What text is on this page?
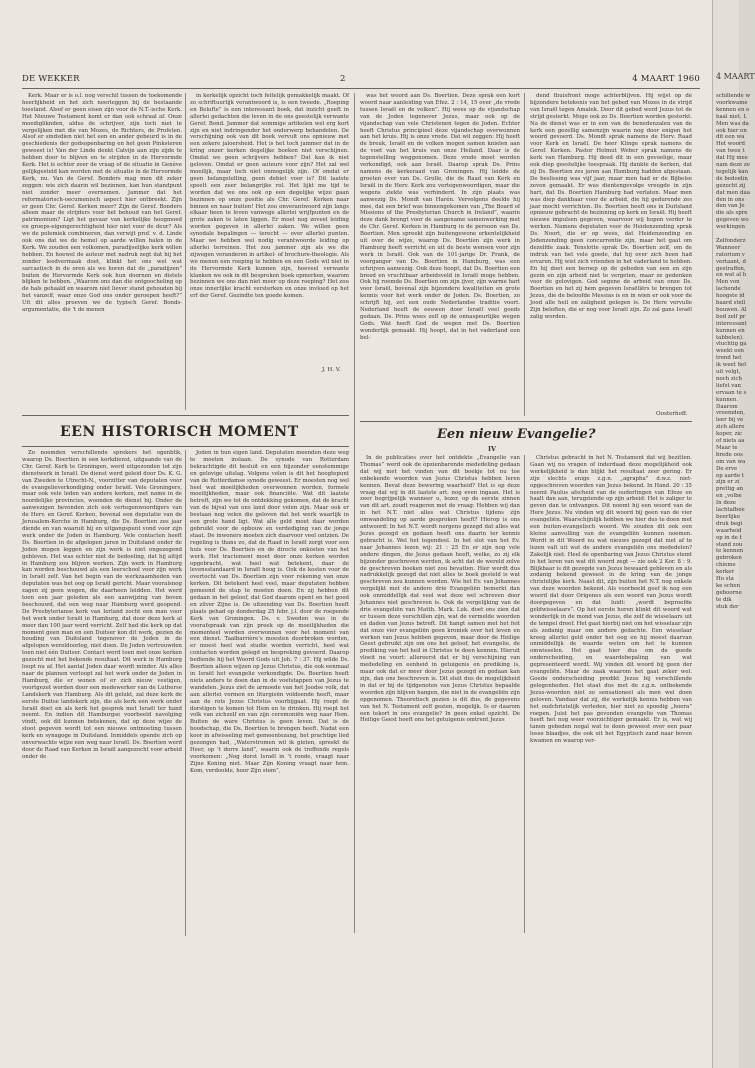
DE WEKKER	2	4 MAART 1960

Kerk. Maar er is o.l. nog verschil tussen de toekomende heerlijkheid en het zich neerleggen bij de bestaande toestand. Alsof er geen eisen zijn voor de N.T.-ische Kerk. Het Nieuwe Testament komt er dan ook schraal af. Onze moedigliknden, aldus de schrijver, zijn toch niet te vergelijken met die van Mozes, de Richters, de Profeten. Alsof er sindsdien niet het een en ander gebeurd is in de geschiedenis der godsopenbaring en het geen Pinksteren geweest is! Van der Linde denkt Calvijn aan zijn zijde te hebben door te blijven en te strijden in de Hervormde Kerk. Het is echter zeer de vraag of de situatie in Genève gelijkgesteld kan worden met de situatie in de Hervormde Kerk, nu. Van de Geref. Bonders mag men dit zeker zeggen: wie zich daarin wil bezinnen, kan hun standpunt niet zonder meer overnemen. Jammer dat het reformatorisch-oecumenisch aspect hier ontbreekt. Zijn er geen Chr. Geref. Kerken meer? Zijn de Geref. Bonders alleen maar de strijders voor het behoud van het Geref. patrimonium? Ligt het gevaar van kerkelijke hoogmoed en groeps-eigengerechtigheid hier niet voor de deur? Als we de polemiek combineren, dan verwijt prof. v. d. Linde ook ons dat we de hemel op aarde willen halen in de Kerk. We zouden een volkomen, paradijselijke kerk willen hebben. En hoewel de auteur met nadruk zegt dat hij het zonder leedvermaak doet, klinkt het ons wel wat sarcastisch in de oren als we horen dat de „paradijzen” buiten de Hervormde Kerk ook hun doornen en distels blijken te hebben. „Waarom ons dan die ontgoocheling op de hals gehaald en waarom niet liever stand gehouden bij het vanzelf, waar onze God ons onder geroepen heeft?” Uit dit alles proeven we de typisch Geref. Bonds-argumentatie, die 't de menen

in kerkelijk opzicht toch feitelijk gemakkelijk maakt. Of zo schriftuurlijk verantwoord is, is een tweede. „Roeping en Belofte” is een interessant boek, dat inzicht geeft in allerlei gedachten die leven in de ons geestelijk verwante Geref. Bond. Jammer dat sommige artikelen wel erg kort zijn en niet indringender het onderwerp behandelen. De verschijning ook van dit boek vervult ons opnieuw met een zekere jaloersheid. Het is het toch jammer dat in de kring onzer kerken degelijke boeken niet verschijnen. Omdat we geen schrijvers hebben? Dat kan ik niet geloven. Omdat er geen auteurs voor zijn? Het zal wel moeilijk, maar toch niet onmogelijk zijn. Of omdat er geen belangstelling, geen debiet voor is? Dit laatste speelt een zeer belangrijke rol. Het lijkt me tijd te worden dat we ons ook op een degelijke wijze gaan bezinnen op onze positie als Chr. Geref. Kerken naar binnen en naar buiten! Het zou onverantwoord zijn langs elkaar heen te leven vanwege allerlei wrijfpunten en de grote zaken te laten liggen. Er moet nog zoveel leiding worden gegeven in allerlei zaken. We willen geen synodale bepalingen — terecht — over allerlei punten. Maar we hebben wel nodig verantwoorde leiding op allerlei terreinen. Het zou jammer zijn als we die zijwegen veranderen in artikel- of brochure-theologie. Als we menen een roeping te hebben en een Gods wil niet in de Hervormde Kerk kunnen zijn, hoeveel verwante klanken we ook in dit bespreken boek opmerken, waarom bezinnen we ons dan niet meer op deze roeping? Het zou onze innerlijke kracht versterken en onze invloed op het erf der Geref. Gezindte ten goede komen.

J. H. V.

was het woord aan Ds. Boertien. Deze sprak een kort woord naar aanleiding van Efez. 2 : 14, 15 over „de vrede tussen Israël en de volken”. Hij wees op de vijandschap van de Joden tegenover Jezus, maar ook op de vijandschap van vele Christenen tegen de Joden. Echter heeft Christus principieel deze vijandschap overwonnen aan het kruis. Hij is onze vrede. Dat wil zeggen: Hij heeft de breuk, Israël en de volken mogen samen knielen aan de voet van het kruis van onze Heiland. Daar is de tegenstelling weggenomen. Deze vrede moet worden verkondigd, ook aan Israël. Daarop sprak Ds. Prins namens de kerkeraad van Groningen. Hij leidde de groeten over van Ds. Grolle, die de Raad van Kerk en Israël in de Herv. Kerk zou vertegenwoordigen, maar die wegens ziekte was verhinderd. In zijn plaats was aanwezig Ds. Mondt van Harén. Vervolgens deelde hij mee, dat een brief was binnengekomen van „The Board of Missions of the Presbyterian Church in Ireland”, waarin deze dank brengt voor de aangename samenwerking met de Chr. Geref. Kerken in Hamburg in de persoon van Ds. Boertien. Men spreekt zijn buitengewone erkentelijkheid uit over de wijze, waarop Ds. Boertien zijn werk in Hamburg heeft verricht en uit de beste wensen voor zijn werk in Israël. Ook van de 101-jarige Dr. Frank, de voorganger van Ds. Boertien in Hamburg, was een schrijven aanwezig. Ook deze hoopt, dat Ds. Boertien een breed en vruchtbaar arbeidsveld in Israël moge hebben. Ook hij roemde Ds. Boertien om zijn ijver, zijn warme hart voor Israël, bovenal zijn bijzondere kwaliteiten en grote kennis voor het werk onder de Joden. Ds. Boertien, zo schrijft hij, zet een oude Nederlandse traditie voort. Nederland heeft de eeuwen door Israël veel goeds gedaan. Ds. Prins wees zelf op de onnaspeurlijke wegen Gods. Wat heeft God de wegen met Ds. Boertien wonderlijk gemaakt. Hij hoopt, dat in het vaderland een bel-

dend thuisfront moge achterblijven. Hij wijst op de bijzondere betekenis van het gebed van Mozes in de strijd van Israël tegen Amalek. Door dit gebed werd Jezus tot de strijd gesterkt. Moge ook zo Ds. Boertien worden gesterkt. Na de dienst was er in een van de benedenzalen van de kerk een gezellig samenzijn waarin nog door enigen het woord gevoerd. Ds. Mondt sprak namens de Herv. Raad voor Kerk en Israël. De heer Klinge sprak namens de Geref. Kerken. Pastor Helmut Weber sprak namens de kerk van Hamburg. Hij deed dit in een gevoelige, maar ook diep geestelijke toespraak. Hij dankte de kerken, dat zij Ds. Boertien zes jaren aan Hamburg hadden afgestaan. De beslissing was vijf jaar, maar men had er de Bijbelse zeven gemaakt. Er was dientengevolge vreugde in zijn hart, dat Ds. Boertien Hamburg had verlaten. Maar men was diep dankbaar voor de arbeid, die hij gedurende zes jaar mocht verrichten. Ds. Boertien heeft ons in Duitsland opnieuw gebracht de bezinning op kerk en Israël. Hij heeft nieuwe impulsen gegeven, waarvoor wij hopen verder te werken. Namens deputaten voor de Heidenzending sprak Ds. Noort, die er op wees, dat Heidenzending en Jodenzending geen concurrentie zijn, maar het gaat om dezelfde zaak. Tenslotte sprak Ds. Boertien zelf, om de indruk van het vele goede, dat hij over zich heen had ervaren. Hij wist zich vrienden in het vaderland te hebben. En hij doet een beroep op de gebeden van een en zijn gezin en zijn arbeid niet te vergeten, maar ze gedenken voor de gelovigen. God segene de arbeid van onze Ds. Boertien en het zij hem gegeven Israëliërs te brengen tot Jezus, die de beloofde Messias is en in wien er ook voor de Jood alle heil en zaligheid gelegen is. De Here vervulle Zijn beloften, die er nog voor Israël zijn. Zo zal gans Israël zalig worden.

Oosterhoff.
EEN HISTORISCH MOMENT

Zo noemden verschillende sprekers het ogenblik, waarop Ds. Boertien in een kerkdienst, uitgaande van de Chr. Geref. Kerk te Groningen, werd uitgezonden tot zijn dienstwerk in Israël. De dienst werd geleid door Ds. K. G. van Zweden te Utrecht-N., voorzitter van deputaten voor de evangelieverkondiging onder Israël. Vele Groningers, maar ook vele leden van andere kerken, met name in de noordelijke provincies, woonden de dienst bij. Onder de aanwezigen bevonden zich ook vertegenwoordigers van de Herv. en Geref. Kerken, bovenal een deputatie van de Jerusalem-Kerche in Hamburg, die Ds. Boertien zes jaar diende en van waaruit hij en uitgangspunt vond voor zijn werk onder de Joden in Hamburg. Vele contacten heeft Ds. Boertien in de afgelopen jaren in Duitsland onder de Joden mogen leggen en zijn werk is niet ongezegend gebleven. Het was echter niet de bedoeling, dat hij altijd in Hamburg zou blijven werken. Zijn werk in Hamburg kan worden beschouwd als een leerschool voor zijn werk in Israël zelf. Van het begin van de werkzaamheden van deputaten was het oog op Israël gericht. Maar vooralsnog zagen zij geen wegen, die daarheen leidden. Het werd toen een jaar geleden als een aanwijzing van boven beschouwd, dat een weg naar Hamburg werd geopend. De Presbyterianse kerk van Ierland zocht een man voor het werk onder Israël in Hamburg, dat door deze kerk al meer dan 100 jaar werd verricht. Zelf had die kerk op dat moment geen man en een Duitser kon dit werk, gezien de houding van Duitsland tegenover de Joden in de afgelopen wereldoorlog, niet doen. De Joden vertrouwden toen niet één Duitser. Contact werd toen met onze kerken gezocht met het bekende resultaat. Dit werk in Hamburg loopt nu af. Het aantal Joden daar wordt minder. Als alles naar de plannen verloopt zal het werk onder de Joden in Hamburg, die er wonen of er zich nieuw vestigen, voortgezet worden door een medewerker van de Lutherse Landskerk van Hamburg. Als dit gelukt, zal deze kerk de eerste Duitse landskerk zijn, die als kerk een werk onder Israël doet en als kerk het gesprek met Israël ter hand neemt. En indien dit Hamburgse voorbeeld navolging vindt, ook dit kunnen betekenen, dat op deze wijze de stoot gegeven wordt tot een nieuwe ontmoeting tussen kerk en synagoge in Duitsland. Inmiddels opende zich op onverwachte wijze een weg naar Israël. Ds. Boertien werd door de Raad van Kerken in Israël aangezocht voor arbeid onder de

Joden in hun eigen land. Deputaten meenden deze weg te moeten inslaan. De synode van Rotterdam bekrachtigde dit besluit en een bijzonder eenstemmige en gelovige uitslag. Volgens velen is dit het hoogtepunt van de Rotterdamse synode geweest. Er moesten nog wel heel wat moeilijkheden overwonnen worden, formele moeilijkheden, maar ook financiële. Wat dit laatste betreft, zijn we tot de ontdekking gekomen, dat de kracht van de bijval van ons land door velen zijn. Maar ook er bestaan nog velen die geloven dat het werk waarlijk in een grote hand ligt. Wat alle geld moet daar worden gebruikt voor de opbouw en verdediging van de jonge staat. De inwoners moeten zich daarvoor veel ontzien. De regeling is thans zo, dat de Raad in Israël zorgt voor een huis voor Ds. Boertien en de directe onkosten van het werk. Het tractement moet door onze kerken worden opgebracht, wat heel wat betekent, daar de levensstandaard in Israël hoog is. Ook de kosten voor de overtocht van Ds. Boertien zijn voor rekening van onze kerken. Dit betekent heel veel, maar deputaten hebben gemeend de stap te moeten doen. En zij hebben dit gedaan in het geloof, dat God daarom opent en het goed en zilver Zijne is. De uitzending van Ds. Boertien heeft plaats gehad op donderdag 25 febr. j.l. door de roepende Kerk van Groningen. Ds. v. Sweden was in de voorafspraak van zijn preek op de moeilijkheden die momenteel worden overwonnen voor het moment van een dienst. Taalbarrière's moesten doorbroken worden, er moest heel wat studie worden verricht, heel wat contacten worden gelegd en bespreking gevoerd. Daarop bediende hij het Woord Gods uit Joh. 7 : 37. Hij wilde Ds. Boertien alleen wijzen op Jezus Christus, die ook eenmaal in Israël het evangelie verkondigde. Ds. Boertien heeft niets anders te doen dan in de voetstappen van Jezus te wandelen. Jezus ziet de armoede van het Joodse volk, dat aan allerlei vormen en liturgieën voldoende heeft, maar aan de rots Jezus Christus voorbijgaat. Hij roept de dorstigen te komen tot Hem en te drinken. Hij roept het volk van zichzelf en van zijn ceremoniën weg naar Hem. Buiten de ware Christus is geen leven. Dat is de boodschap, die Ds. Boertien te brengen heeft. Nadat een koor in afwisseling met gemeentezang, het prachtige lied gezongen had, „Waterstromen wil ik gieten, spreekt de Heer, op 't dorre land”, waarin ook de treffende regels voorkomen: „Nog dorst Israël in 't ronde, vraagt naar Zijne Koning niet. Maar Zijn Koning vraagt naar hem. Kom, verdoolde, hoor Zijn stem”,

Een nieuw Evangelie?
IV

In de publicaties over het ontdekte „Evangelie van Thomas” werd ook de opzienbarende mededeling gedaan dat wij met het vinden van dit boekje tot nu toe onbekende woorden van Jezus Christus hebben leren kennen. Bevat deze bewering waarheid? Het is op deze vraag dat wij in dit laatste art. nog even ingaan. Het is zeer begrijpelijk wanneer u, lezer, op de eerste zinnen van dit art. zoudt reageren met de vraag: Hebben wij dan in het N.T. niet alles wat Christus tijdens zijn omwandeling op aarde gesproken heeft? Hierop is ons antwoord: In het N.T. wordt nergens gezegd dat alles wat Jezus gezegd en gedaan heeft ons daarin ter kennis gebracht is. Wel het tegendeel. In het slot van het Ev. naar Johannes lezen wij: 21 : 25 En er zijn nog vele andere dingen, die Jezus gedaan heeft, welke, zo zij elk bijzonder geschreven werden, ik acht dat de wereld zelve de geschreven boeken niet zou bevatten. Hier wordt dus nadrukkelijk gezegd dat niet alles te boek gesteld is wat geschreven zou kunnen worden. Wie het Ev. van Johannes vergelijkt met de andere drie Evangeliën bemerkt dan ook onmiddellijk dat veel wat deze wel schreven door Johannes niet geschreven is. Ook de vergelijking van de drie evangeliën van Matth. Mark. Luk. doet ons zien dat er tussen deze verschillen zijn, wat de vermelde woorden en daden van Jezus betreft. Dit hangt samen met het feit dat onze vier evangeliën geen kroniek over het leven en werken van Jezus hebben gegeven, maar door de Heilige Geest gebruikt zijn om ons het geloof, het evangelie, de prediking van het heil in Christus te doen kennen. Hieruit vloeit nu voort: allereerst dat er bij verschijning van mededeling en eenheid in getuigenis en prediking is, maar ook dat er meer door Jezus gezegd en gedaan kan zijn, dan ons beschreven is. Dit sluit dus de mogelijkheid in dat er bij de tijdgenoten van Jezus Christus bepaalde woorden zijn blijven hangen, die niet in de evangeliën zijn opgenomen. Theoretisch gezien is dit dus, de gegevens van het N. Testament zelf gezien, mogelijk. Is er daarom een tekort in ons evangelie? In geen enkel opzicht. De Heilige Geest heeft ons het getuigenis omtrent Jezus

Christus gebracht in het N. Testament dat wij bezitten. Gaan wij nu vragen of inderdaad deze mogelijkheid ook werkelijkheid is dan blijkt het resultaat zeer gering. Er zijn slechts enige z.g.n. „agrapha” d.w.z. niet-opgeschreven woorden van Jezus bekend. In Hand. 20 : 35 neemt Paulus afscheid van de ouderlingen van Efeze en haalt dan aan, terugziende op zijn arbeid: Het is zaliger te geven dan te ontvangen. Dit noemt hij een woord van de Here Jezus. Nu vinden wij dit woord bij geen van de vier evangeliën. Waarschijnlijk hebben we hier dus te doen met een buiten-evangelisch woord. We zouden dit ook een kleine aanvulling van de evangeliën kunnen noemen. Wordt in dit Woord nu wat nieuws gezegd dat niet af te lezen valt uit wat de andere evangeliën ons mededelen? Zakelijk niet. Heel de openbaring van Jezus Christus stemt in het leren van wat dit woord zegt — zie ook 2 Kor. 8 : 9. Blijkbaar is dit gezegde van Jezus bewaard gebleven en als zodanig bekend geweest in de kring van de jonge christelijke kerk. Naast dit, zijn buiten het N.T. nog enkele van deze woorden bekend. Als voorbeeld geef ik nog een woord dat door Origenes als een woord van Jezus wordt doorgegeven en dat luidt: „wordt beproefde geldwisselaars”. Op het eerste horen klinkt dit woord wat wonderlijk in de mond van Jezus, die zelf de wisselaars uit de tempel dreef. Het gaat hierbij niet om het wisselaar zijn als zodanig maar om andere gedachte. Een wisselaar kreeg allerlei geld onder het oog en hij moest daarvan onmiddellijk de waarde weten om het te kunnen omwisselen. Het gaat hier dus om de goede onderscheiding, en waardebepaling van wat gepresenteerd wordt. Wij vinden dit woord bij geen der evangeliën. Maar de zaak waarom het gaat zeker wel. Goede onderscheiding predikt Jezus bij verschillende gelegenheden. Het staat dus met de z.g.n. ontbekende Jezus-woorden niet zo sensationeel als men wel doen geloven. Vandaar dat zij, die werkelijk kennis hebben van het oudchristelijk verleden, hier niet zo spoedig „hoera” roepen. Juist het pas gevonden evangelie van Thomas heeft het nog weer voorzichtiger gemaakt. Er is, wat wij tanen gebeden nogal wat te doen geweest over een paar losse blaadjes, die ook uit het Egyptisch zand naar boven kwamen en waarop ver-

4 MAART
schillende w
voorkwame
kennen en e
haal niet. L
Men was da
ook hier on
dit een wa
Het woord
van twee t
dat Hij mee
nam deze ze
tegelijk kan
de bedoelin
gezocht zij
dat men daa
den in ons
den van Je
die als spre
gegeven wo
werkingen
Zelfonderz
Wanneer
ratorium v
vertaant, d
gestraffen,
en wat al h
Men von
lachende
hoogste id
baard stell
bouwen. Al
bod zelf pr
interessant
kunnen en
tabbelen).
vluchtig ga
weekt een
trend het
ik weet het
uit volgt,
noch zich
liefst van
ervaan te s
kunnen.
Daarom
vreemden,
leer bij ve
zich allere
koper, zic
of niets aa
Maar te
brede oos
om van wa
De erve
op aarde t
zijn er zi
prettig an
en „volbe
In deze
lachtafbee
beerlijke
druk begi
waarheid
op in de t
stand zou
te kennen
gebroken
chieme
kerker
Ho sta
ke schen
geboorne
te dik
stuk der
